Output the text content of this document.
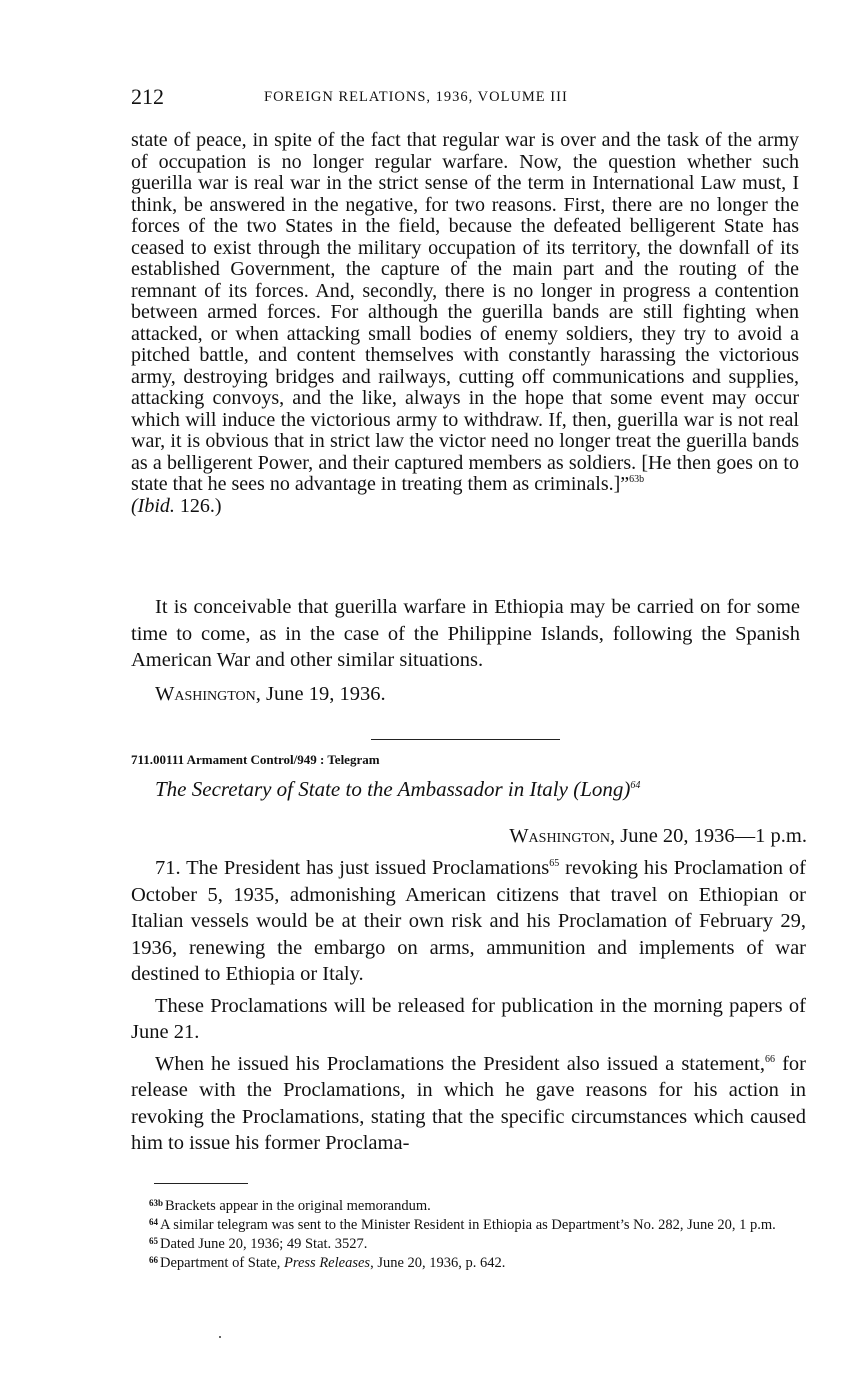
212	FOREIGN RELATIONS, 1936, VOLUME III

state of peace, in spite of the fact that regular war is over and the task of the army of occupation is no longer regular warfare. Now, the question whether such guerilla war is real war in the strict sense of the term in International Law must, I think, be answered in the negative, for two reasons. First, there are no longer the forces of the two States in the field, because the defeated belligerent State has ceased to exist through the military occupation of its territory, the downfall of its established Government, the capture of the main part and the routing of the remnant of its forces. And, secondly, there is no longer in progress a contention between armed forces. For although the guerilla bands are still fighting when attacked, or when attacking small bodies of enemy soldiers, they try to avoid a pitched battle, and content themselves with constantly harassing the victorious army, destroying bridges and railways, cutting off communications and supplies, attacking convoys, and the like, always in the hope that some event may occur which will induce the victorious army to withdraw. If, then, guerilla war is not real war, it is obvious that in strict law the victor need no longer treat the guerilla bands as a belligerent Power, and their captured members as soldiers. [He then goes on to state that he sees no advantage in treating them as criminals.]”$^{63b}$
(Ibid. 126.)

It is conceivable that guerilla warfare in Ethiopia may be carried on for some time to come, as in the case of the Philippine Islands, following the Spanish American War and other similar situations.

Washington, June 19, 1936.

711.00111 Armament Control/949 : Telegram
The Secretary of State to the Ambassador in Italy (Long)$^{64}$
Washington, June 20, 1936—1 p.m.

71. The President has just issued Proclamations$^{65}$ revoking his Proclamation of October 5, 1935, admonishing American citizens that travel on Ethiopian or Italian vessels would be at their own risk and his Proclamation of February 29, 1936, renewing the embargo on arms, ammunition and implements of war destined to Ethiopia or Italy.

These Proclamations will be released for publication in the morning papers of June 21.

When he issued his Proclamations the President also issued a statement,$^{66}$ for release with the Proclamations, in which he gave reasons for his action in revoking the Proclamations, stating that the specific circumstances which caused him to issue his former Proclama-

$^{63b}$ Brackets appear in the original memorandum.

$^{64}$ A similar telegram was sent to the Minister Resident in Ethiopia as Department’s No. 282, June 20, 1 p.m.

$^{65}$ Dated June 20, 1936; 49 Stat. 3527.

$^{66}$ Department of State, Press Releases, June 20, 1936, p. 642.
